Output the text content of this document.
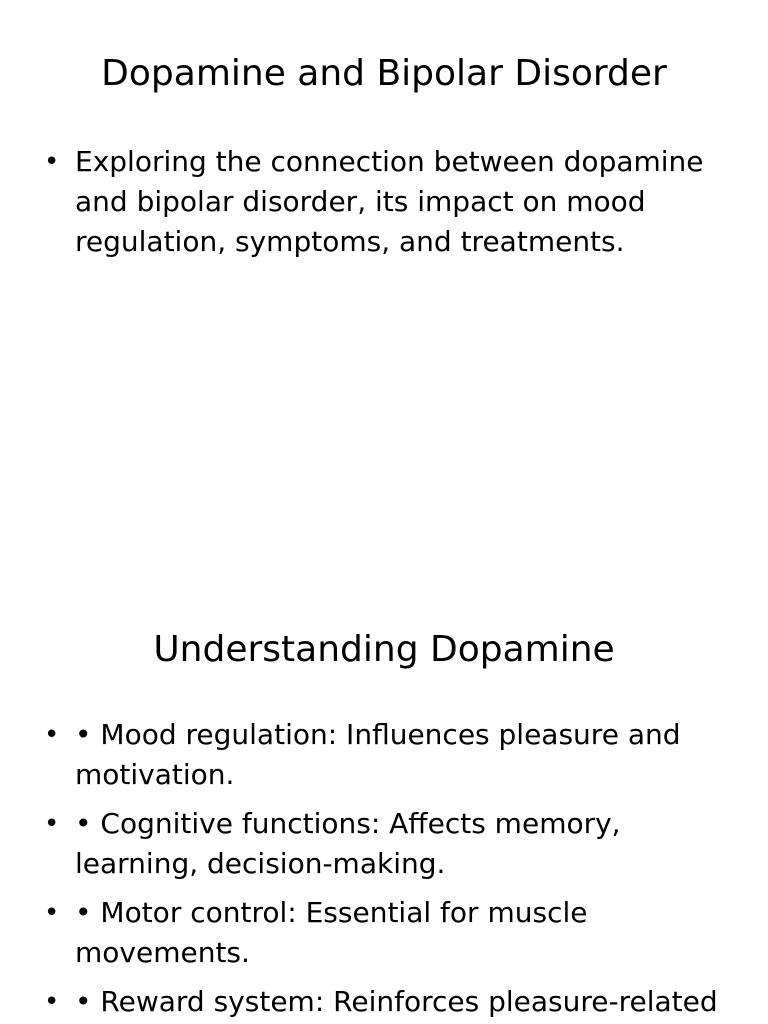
Dopamine and Bipolar Disorder
• Exploring the connection between dopamine and bipolar disorder, its impact on mood regulation, symptoms, and treatments.
Understanding Dopamine
• • Mood regulation: Influences pleasure and motivation.
• • Cognitive functions: Affects memory, learning, decision-making.
• • Motor control: Essential for muscle movements.
• • Reward system: Reinforces pleasure-related
